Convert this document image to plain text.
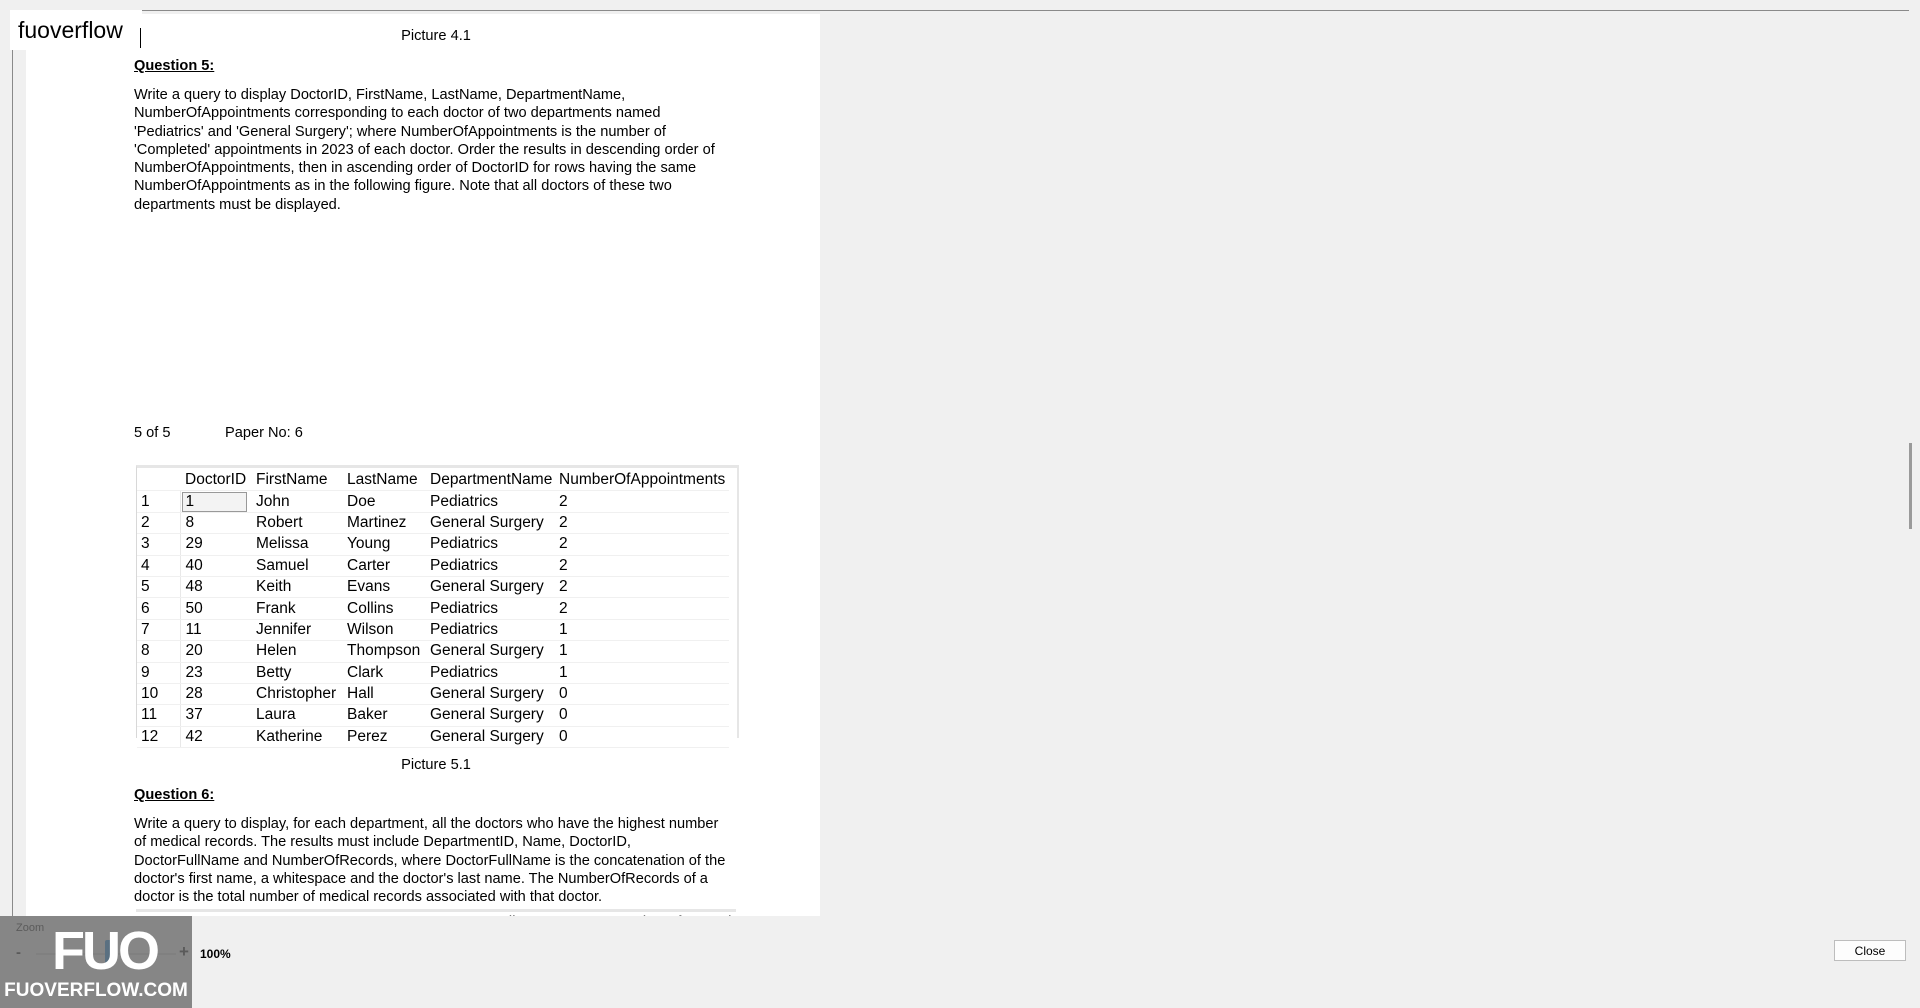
Picture 4.1
Question 5:
Write a query to display DoctorID, FirstName, LastName, DepartmentName,
NumberOfAppointments corresponding to each doctor of two departments named
'Pediatrics' and 'General Surgery'; where NumberOfAppointments is the number of
'Completed' appointments in 2023 of each doctor. Order the results in descending order of
NumberOfAppointments, then in ascending order of DoctorID for rows having the same
NumberOfAppointments as in the following figure. Note that all doctors of these two
departments must be displayed.
5 of 5	Paper No: 6
	DoctorID	FirstName	LastName	DepartmentName	NumberOfAppointments
1	1	John	Doe	Pediatrics	2
2	8	Robert	Martinez	General Surgery	2
3	29	Melissa	Young	Pediatrics	2
4	40	Samuel	Carter	Pediatrics	2
5	48	Keith	Evans	General Surgery	2
6	50	Frank	Collins	Pediatrics	2
7	11	Jennifer	Wilson	Pediatrics	1
8	20	Helen	Thompson	General Surgery	1
9	23	Betty	Clark	Pediatrics	1
10	28	Christopher	Hall	General Surgery	0
11	37	Laura	Baker	General Surgery	0
12	42	Katherine	Perez	General Surgery	0
Picture 5.1
Question 6:
Write a query to display, for each department, all the doctors who have the highest number
of medical records. The results must include DepartmentID, Name, DoctorID,
DoctorFullName and NumberOfRecords, where DoctorFullName is the concatenation of the
doctor's first name, a whitespace and the doctor's last name. The NumberOfRecords of a
doctor is the total number of medical records associated with that doctor.
fuoverflow
100%	Close
FUO
FUOVERFLOW.COM
